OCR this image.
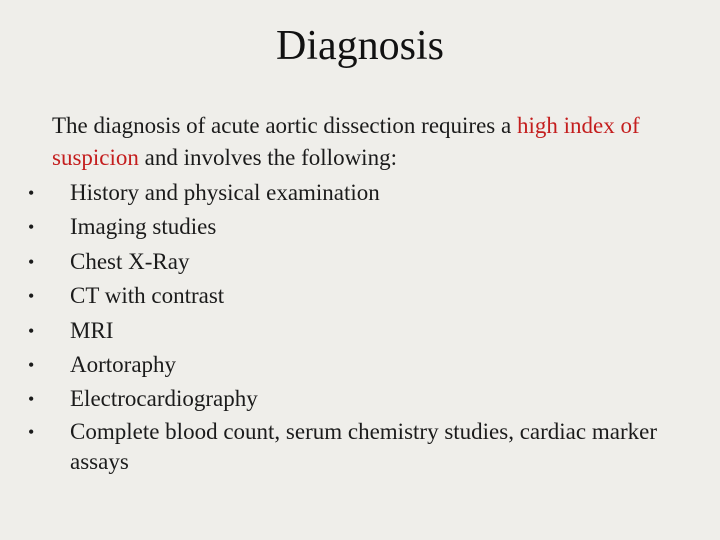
Diagnosis

The diagnosis of acute aortic dissection requires a high index of suspicion and involves the following:

• History and physical examination
• Imaging studies
• Chest X-Ray
• CT with contrast
• MRI
• Aortoraphy
• Electrocardiography
• Complete blood count, serum chemistry studies, cardiac marker assays
